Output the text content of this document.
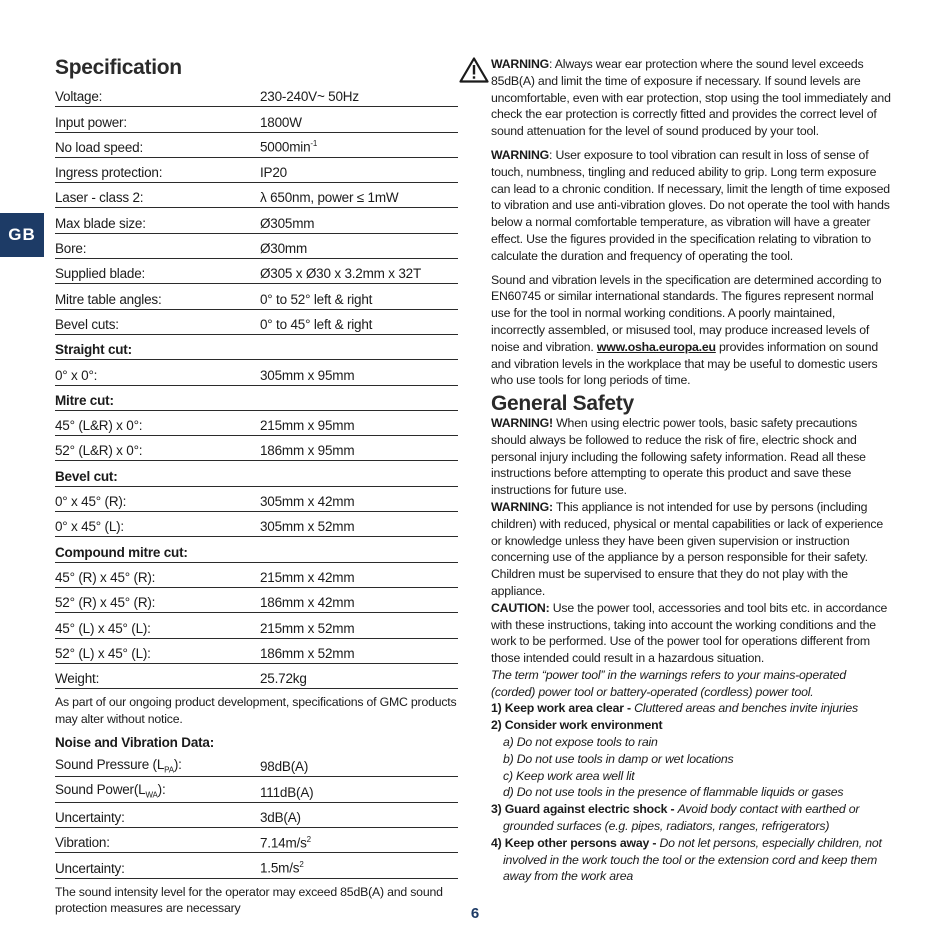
GB
Specification
Voltage:	230-240V~ 50Hz
Input power:	1800W
No load speed:	$5000\min^{-1}$
Ingress protection:	IP20
Laser - class 2:	λ 650nm, power ≤ 1mW
Max blade size:	Ø305mm
Bore:	Ø30mm
Supplied blade:	Ø305 x Ø30 x 3.2mm x 32T
Mitre table angles:	0° to 52° left & right
Bevel cuts:	0° to 45° left & right
Straight cut:	
0° x 0°:	305mm x 95mm
Mitre cut:	
45° (L&R) x 0°:	215mm x 95mm
52° (L&R) x 0°:	186mm x 95mm
Bevel cut:	
0° x 45° (R):	305mm x 42mm
0° x 45° (L):	305mm x 52mm
Compound mitre cut:	
45° (R) x 45° (R):	215mm x 42mm
52° (R) x 45° (R):	186mm x 42mm
45° (L) x 45° (L):	215mm x 52mm
52° (L) x 45° (L):	186mm x 52mm
Weight:	25.72kg
As part of our ongoing product development, specifications of GMC products may alter without notice.
Noise and Vibration Data:
Sound Pressure $(L_{PA})$:	98dB(A)
Sound $Power(L_{WA})$:	111dB(A)
Uncertainty:	3dB(A)
Vibration:	$7.14m/s^2$
Uncertainty:	$1.5m/s^2$
The sound intensity level for the operator may exceed 85dB(A) and sound protection measures are necessary

WARNING: Always wear ear protection where the sound level exceeds 85dB(A) and limit the time of exposure if necessary. If sound levels are uncomfortable, even with ear protection, stop using the tool immediately and check the ear protection is correctly fitted and provides the correct level of sound attenuation for the level of sound produced by your tool.

WARNING: User exposure to tool vibration can result in loss of sense of touch, numbness, tingling and reduced ability to grip. Long term exposure can lead to a chronic condition. If necessary, limit the length of time exposed to vibration and use anti-vibration gloves. Do not operate the tool with hands below a normal comfortable temperature, as vibration will have a greater effect. Use the figures provided in the specification relating to vibration to calculate the duration and frequency of operating the tool.

Sound and vibration levels in the specification are determined according to EN60745 or similar international standards. The figures represent normal use for the tool in normal working conditions. A poorly maintained, incorrectly assembled, or misused tool, may produce increased levels of noise and vibration. www.osha.europa.eu provides information on sound and vibration levels in the workplace that may be useful to domestic users who use tools for long periods of time.

General Safety

WARNING! When using electric power tools, basic safety precautions should always be followed to reduce the risk of fire, electric shock and personal injury including the following safety information. Read all these instructions before attempting to operate this product and save these instructions for future use.

WARNING: This appliance is not intended for use by persons (including children) with reduced, physical or mental capabilities or lack of experience or knowledge unless they have been given supervision or instruction concerning use of the appliance by a person responsible for their safety. Children must be supervised to ensure that they do not play with the appliance.

CAUTION: Use the power tool, accessories and tool bits etc. in accordance with these instructions, taking into account the working conditions and the work to be performed. Use of the power tool for operations different from those intended could result in a hazardous situation.

The term “power tool” in the warnings refers to your mains-operated (corded) power tool or battery-operated (cordless) power tool.

1) Keep work area clear - Cluttered areas and benches invite injuries

2) Consider work environment

a) Do not expose tools to rain

b) Do not use tools in damp or wet locations

c) Keep work area well lit

d) Do not use tools in the presence of flammable liquids or gases

3) Guard against electric shock - Avoid body contact with earthed or grounded surfaces (e.g. pipes, radiators, ranges, refrigerators)

4) Keep other persons away - Do not let persons, especially children, not involved in the work touch the tool or the extension cord and keep them away from the work area

6
